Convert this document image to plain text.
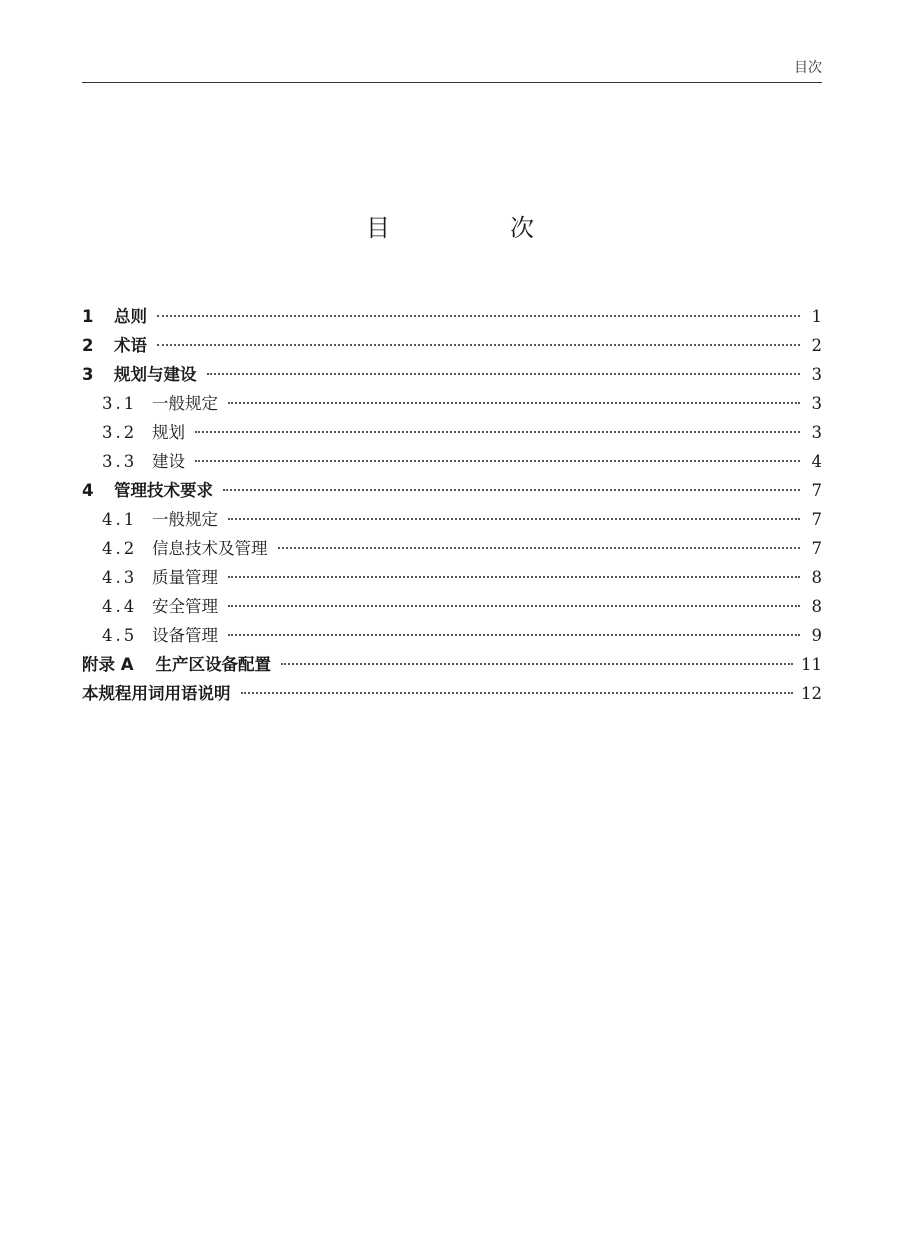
目次
目　次
1	总则	1
2	术语	2
3	规划与建设	3
3.1 一般规定	3
3.2 规划	3
3.3 建设	4
4	管理技术要求	7
4.1 一般规定	7
4.2 信息技术及管理	7
4.3 质量管理	8
4.4 安全管理	8
4.5 设备管理	9
附录 A	生产区设备配置	11
本规程用词用语说明	12
